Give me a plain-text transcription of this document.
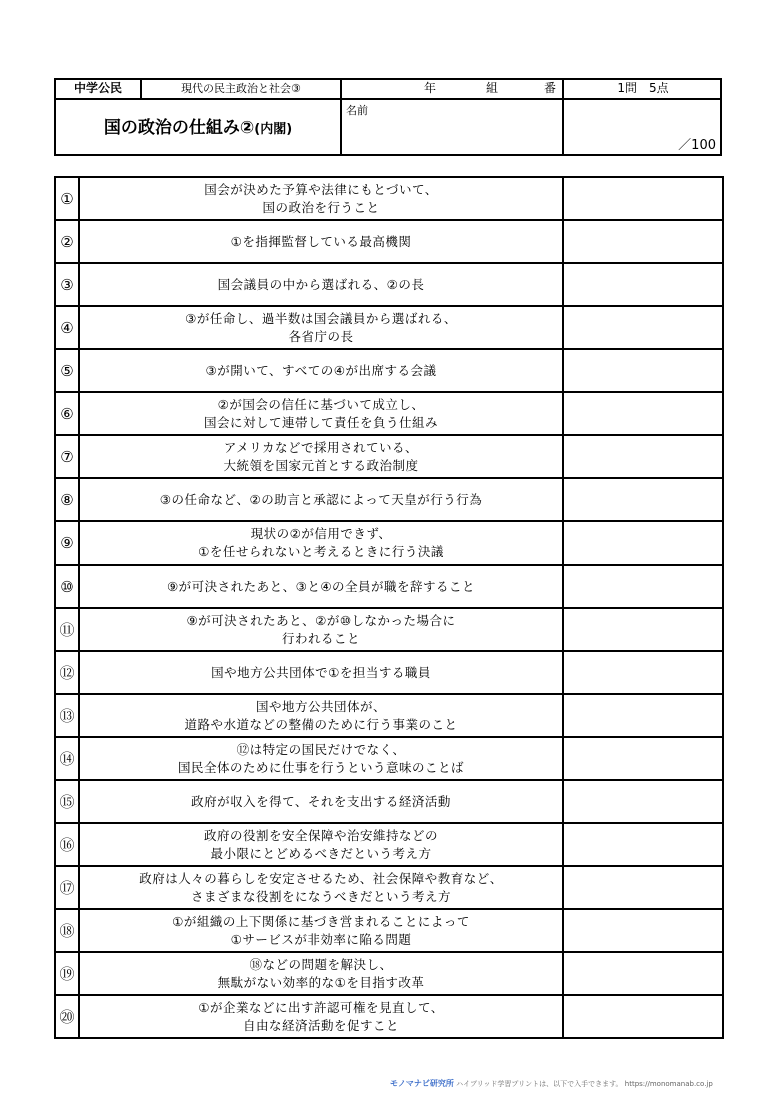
中学公民	現代の民主政治と社会③	年	組	番	1問　5点
国の政治の仕組み②(内閣)
名前
／100
①	国会が決めた予算や法律にもとづいて、
国の政治を行うこと	

②	①を指揮監督している最高機関	

③	国会議員の中から選ばれる、②の長	

④	③が任命し、過半数は国会議員から選ばれる、
各省庁の長	

⑤	③が開いて、すべての④が出席する会議	

⑥	②が国会の信任に基づいて成立し、
国会に対して連帯して責任を負う仕組み	

⑦	アメリカなどで採用されている、
大統領を国家元首とする政治制度	

⑧	③の任命など、②の助言と承認によって天皇が行う行為	

⑨	現状の②が信用できず、
①を任せられないと考えるときに行う決議	

⑩	⑨が可決されたあと、③と④の全員が職を辞すること	

⑪	⑨が可決されたあと、②が⑩しなかった場合に
行われること	

⑫	国や地方公共団体で①を担当する職員	

⑬	国や地方公共団体が、
道路や水道などの整備のために行う事業のこと	

⑭	⑫は特定の国民だけでなく、
国民全体のために仕事を行うという意味のことば	

⑮	政府が収入を得て、それを支出する経済活動	

⑯	政府の役割を安全保障や治安維持などの
最小限にとどめるべきだという考え方	

⑰	政府は人々の暮らしを安定させるため、社会保障や教育など、
さまざまな役割をになうべきだという考え方	

⑱	①が組織の上下関係に基づき営まれることによって
①サービスが非効率に陥る問題	

⑲	⑱などの問題を解決し、
無駄がない効率的な①を目指す改革	

⑳	①が企業などに出す許認可権を見直して、
自由な経済活動を促すこと	

モノマナビ研究所 ハイブリッド学習プリントは、以下で入手できます。 https://monomanab.co.jp
